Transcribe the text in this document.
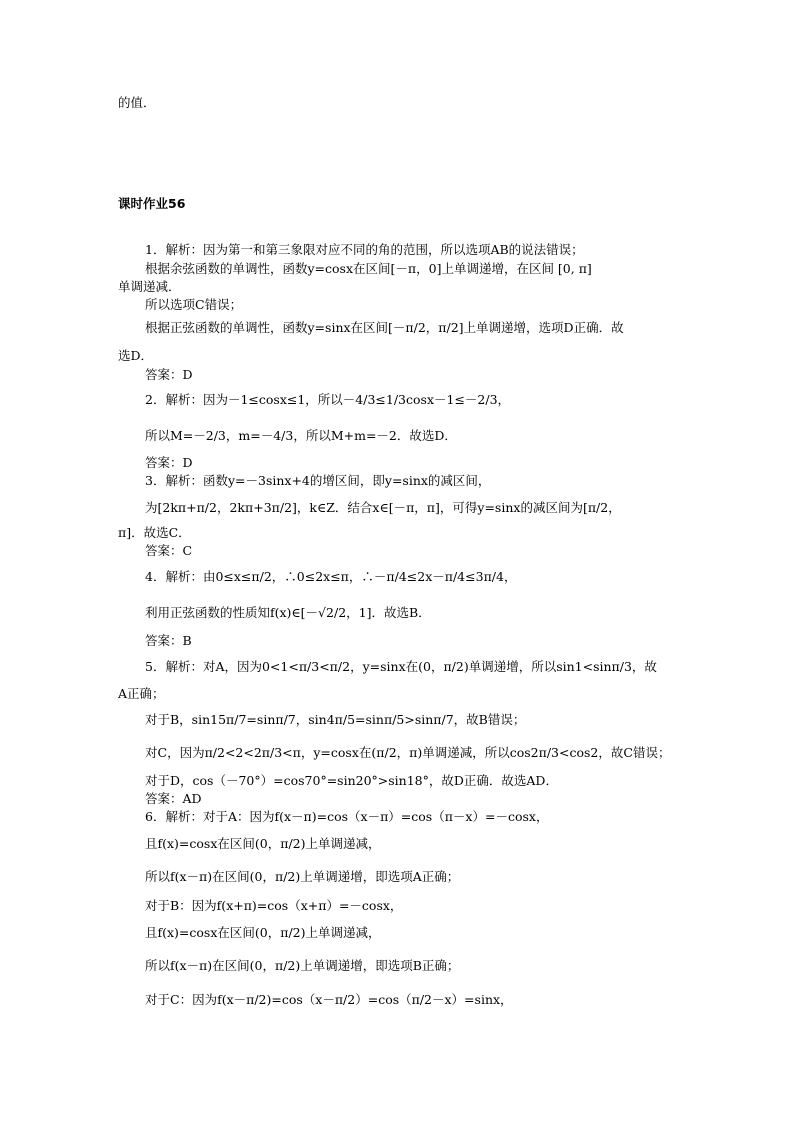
的值．
课时作业56
1．解析：因为第一和第三象限对应不同的角的范围，所以选项AB的说法错误；
根据余弦函数的单调性，函数y=cosx在区间[－π，0]上单调递增，在区间 [0, π]
单调递减．
所以选项C错误；
根据正弦函数的单调性，函数y=sinx在区间[－π/2，π/2]上单调递增，选项D正确．故
选D．
答案：D
2．解析：因为－1≤cosx≤1，所以－4/3≤1/3cosx－1≤－2/3，
所以M=－2/3，m=－4/3，所以M+m=－2．故选D．
答案：D
3．解析：函数y=－3sinx+4的增区间，即y=sinx的减区间，
为[2kπ+π/2，2kπ+3π/2]，k∈Z．结合x∈[－π，π]，可得y=sinx的减区间为[π/2，
π]．故选C．
答案：C
4．解析：由0≤x≤π/2，∴0≤2x≤π，∴－π/4≤2x－π/4≤3π/4，
利用正弦函数的性质知f(x)∈[－√2/2，1]．故选B．
答案：B
5．解析：对A，因为0<1<π/3<π/2，y=sinx在(0，π/2)单调递增，所以sin1<sinπ/3，故
A正确；
对于B，sin15π/7=sinπ/7，sin4π/5=sinπ/5>sinπ/7，故B错误；
对C，因为π/2<2<2π/3<π，y=cosx在(π/2，π)单调递减，所以cos2π/3<cos2，故C错误；
对于D，cos（－70°）=cos70°=sin20°>sin18°，故D正确．故选AD．
答案：AD
6．解析：对于A：因为f(x－π)=cos（x－π）=cos（π－x）=－cosx，
且f(x)=cosx在区间(0，π/2)上单调递减，
所以f(x－π)在区间(0，π/2)上单调递增，即选项A正确；
对于B：因为f(x+π)=cos（x+π）=－cosx，
且f(x)=cosx在区间(0，π/2)上单调递减，
所以f(x－π)在区间(0，π/2)上单调递增，即选项B正确；
对于C：因为f(x－π/2)=cos（x－π/2）=cos（π/2－x）=sinx，
